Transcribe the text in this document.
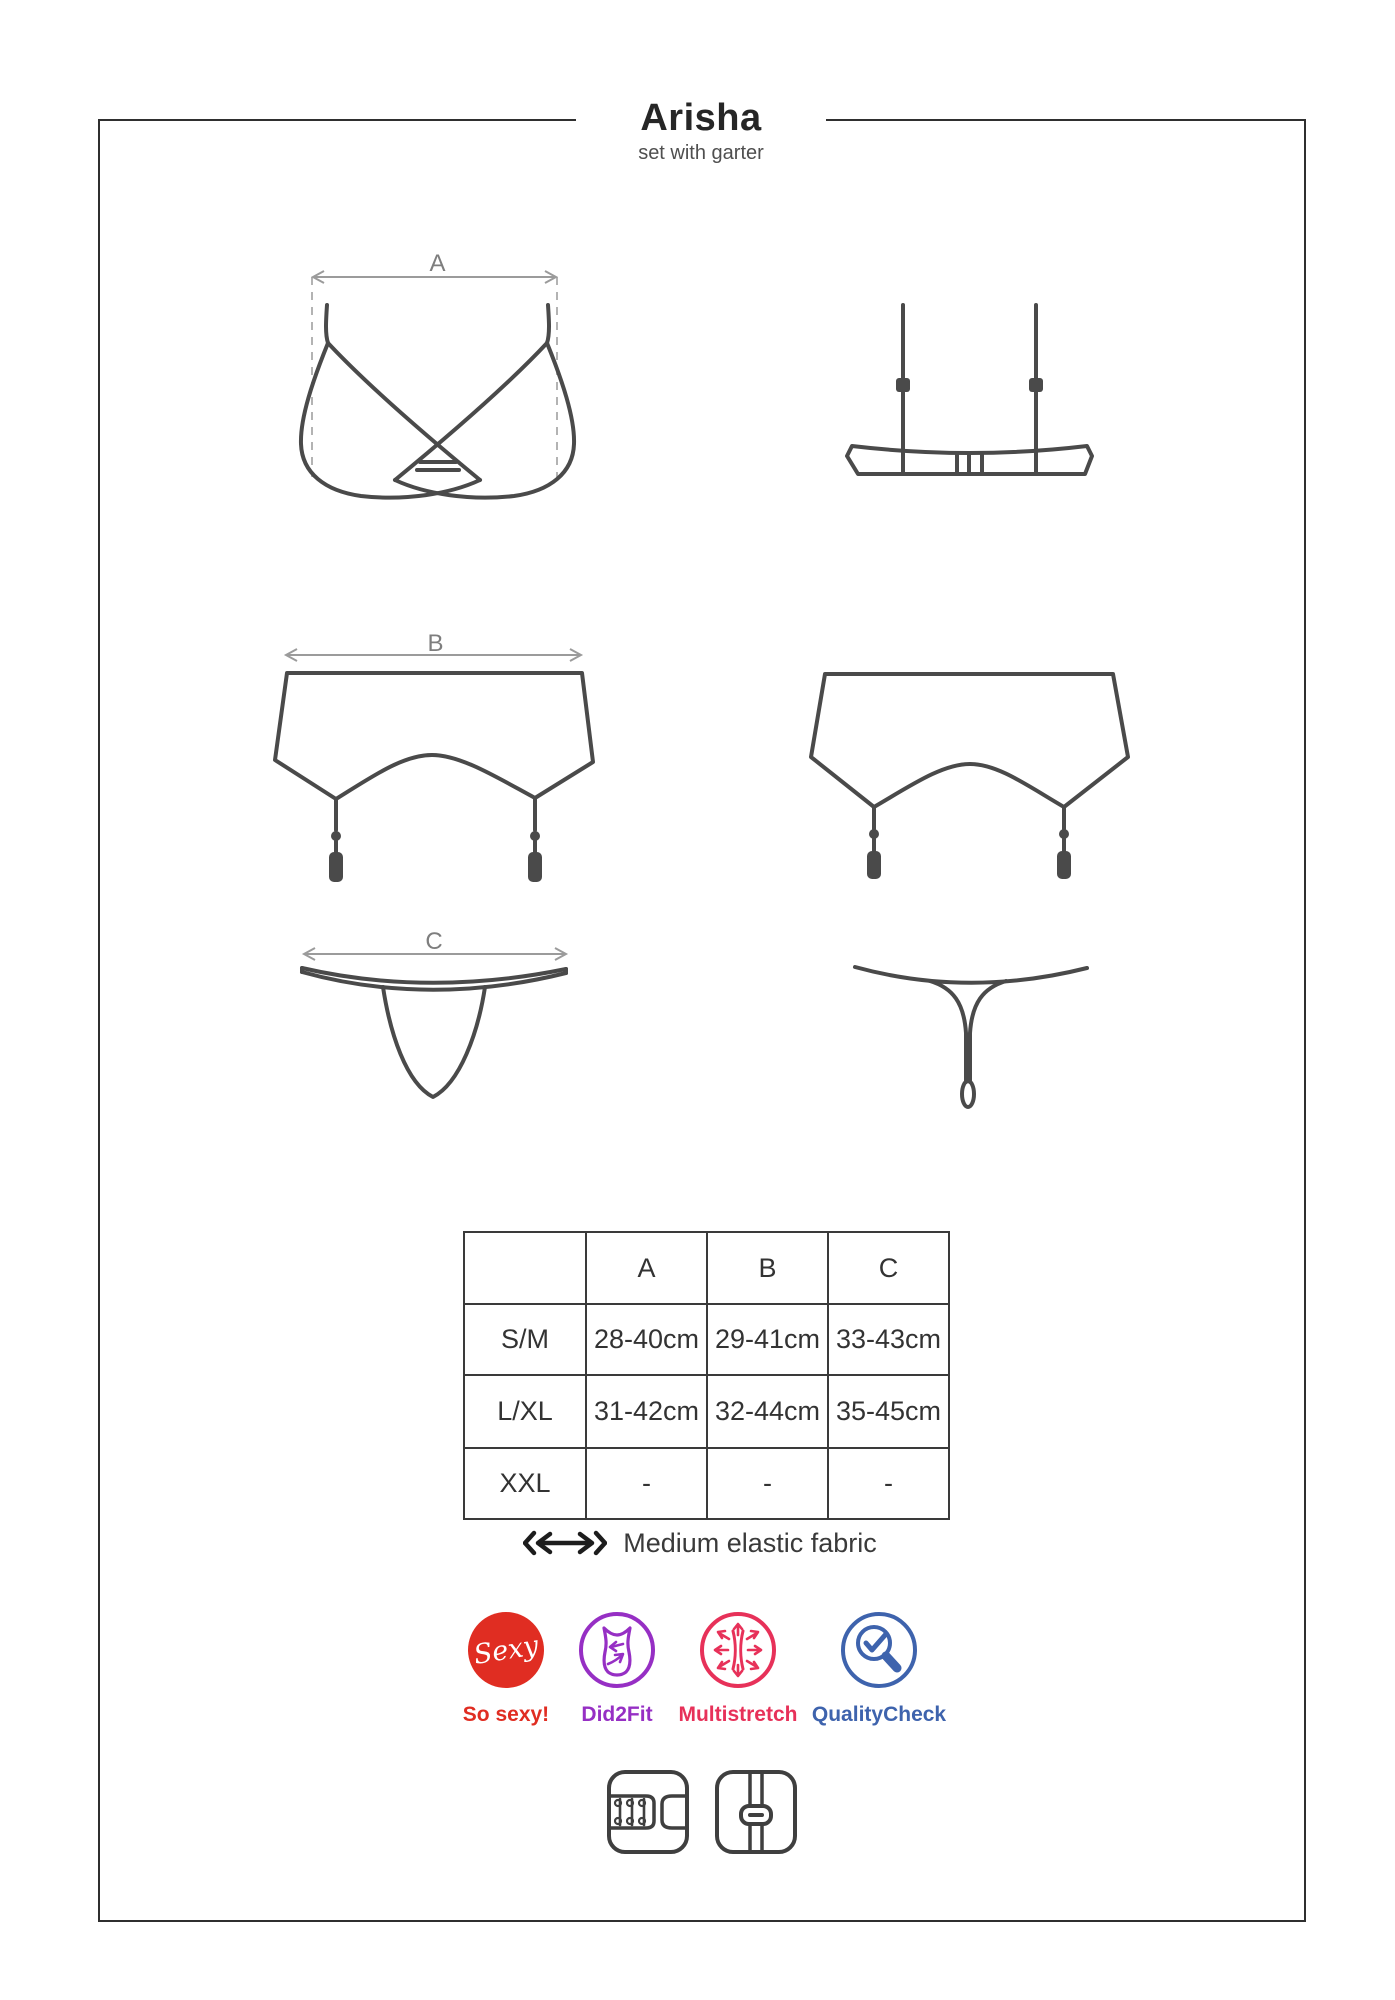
Arisha
set with garter
A
B
C
	A	B	C
S/M	28-40cm	29-41cm	33-43cm
L/XL	31-42cm	32-44cm	35-45cm
XXL	-	-	-
Medium elastic fabric
Sexy
So sexy! Did2Fit Multistretch QualityCheck
